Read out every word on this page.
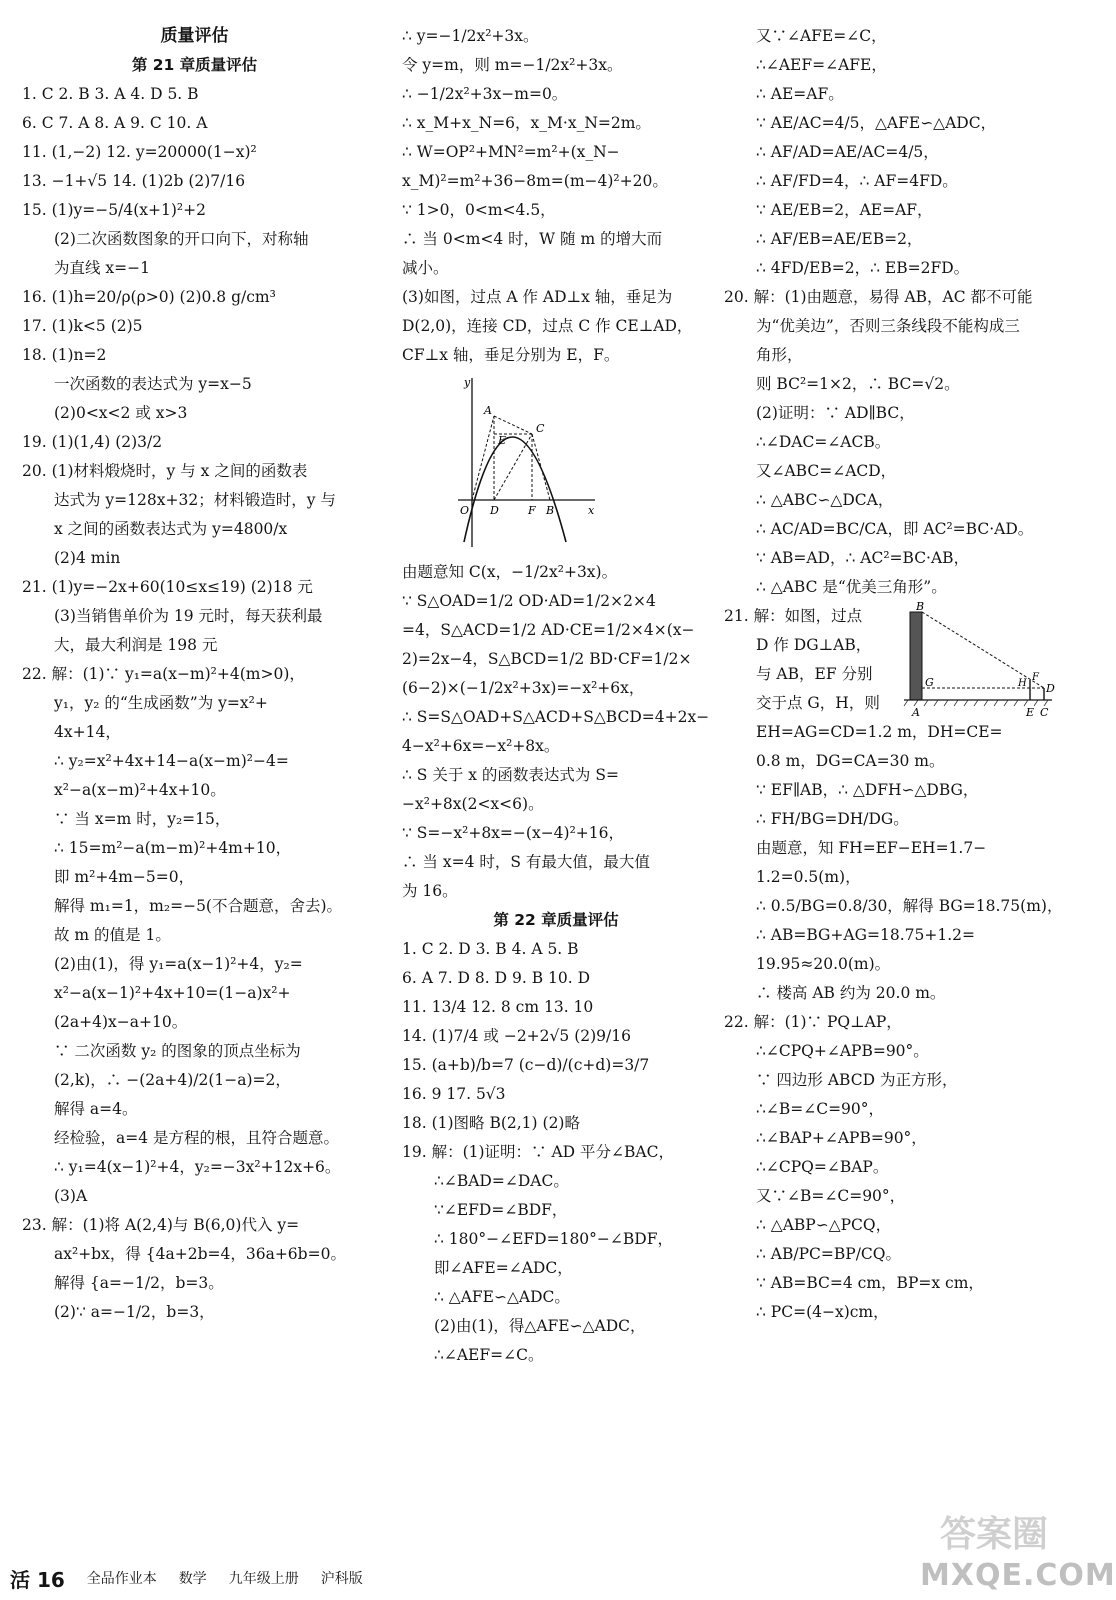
质量评估
第 21 章质量评估
1. C 2. B 3. A 4. D 5. B
6. C 7. A 8. A 9. C 10. A
11. (1,−2) 12. y=20000(1−x)²
13. −1+√5 14. (1)2b (2)7/16
15. (1)y=−5/4(x+1)²+2
(2)二次函数图象的开口向下，对称轴
为直线 x=−1
16. (1)h=20/ρ(ρ>0) (2)0.8 g/cm³
17. (1)k<5 (2)5
18. (1)n=2
一次函数的表达式为 y=x−5
(2)0<x<2 或 x>3
19. (1)(1,4) (2)3/2
20. (1)材料煅烧时，y 与 x 之间的函数表
达式为 y=128x+32；材料锻造时，y 与
x 之间的函数表达式为 y=4800/x
(2)4 min
21. (1)y=−2x+60(10≤x≤19) (2)18 元
(3)当销售单价为 19 元时，每天获利最
大，最大利润是 198 元
22. 解：(1)∵ y₁=a(x−m)²+4(m>0)，
y₁，y₂ 的“生成函数”为 y=x²+
4x+14，
∴ y₂=x²+4x+14−a(x−m)²−4=
x²−a(x−m)²+4x+10。
∵ 当 x=m 时，y₂=15，
∴ 15=m²−a(m−m)²+4m+10，
即 m²+4m−5=0，
解得 m₁=1，m₂=−5(不合题意，舍去)。
故 m 的值是 1。
(2)由(1)，得 y₁=a(x−1)²+4，y₂=
x²−a(x−1)²+4x+10=(1−a)x²+
(2a+4)x−a+10。
∵ 二次函数 y₂ 的图象的顶点坐标为
(2,k)，∴ −(2a+4)/2(1−a)=2，
解得 a=4。
经检验，a=4 是方程的根，且符合题意。
∴ y₁=4(x−1)²+4，y₂=−3x²+12x+6。
(3)A
23. 解：(1)将 A(2,4)与 B(6,0)代入 y=
ax²+bx，得 {4a+2b=4，36a+6b=0。
解得 {a=−1/2，b=3。
(2)∵ a=−1/2，b=3，
∴ y=−1/2x²+3x。
令 y=m，则 m=−1/2x²+3x。
∴ −1/2x²+3x−m=0。
∴ x_M+x_N=6，x_M·x_N=2m。
∴ W=OP²+MN²=m²+(x_N−
x_M)²=m²+36−8m=(m−4)²+20。
∵ 1>0，0<m<4.5，
∴ 当 0<m<4 时，W 随 m 的增大而
减小。
(3)如图，过点 A 作 AD⊥x 轴，垂足为
D(2,0)，连接 CD，过点 C 作 CE⊥AD，
CF⊥x 轴，垂足分别为 E，F。
y
A
C
E
O D	F B	x
由题意知 C(x，−1/2x²+3x)。
∵ S△OAD=1/2 OD·AD=1/2×2×4
=4，S△ACD=1/2 AD·CE=1/2×4×(x−
2)=2x−4，S△BCD=1/2 BD·CF=1/2×
(6−2)×(−1/2x²+3x)=−x²+6x，
∴ S=S△OAD+S△ACD+S△BCD=4+2x−
4−x²+6x=−x²+8x。
∴ S 关于 x 的函数表达式为 S=
−x²+8x(2<x<6)。
∵ S=−x²+8x=−(x−4)²+16，
∴ 当 x=4 时，S 有最大值，最大值
为 16。
第 22 章质量评估
1. C 2. D 3. B 4. A 5. B
6. A 7. D 8. D 9. B 10. D
11. 13/4 12. 8 cm 13. 10
14. (1)7/4 或 −2+2√5 (2)9/16
15. (a+b)/b=7 (c−d)/(c+d)=3/7
16. 9 17. 5√3
18. (1)图略 B(2,1) (2)略
19. 解：(1)证明：∵ AD 平分∠BAC，
∴∠BAD=∠DAC。
∵∠EFD=∠BDF，
∴ 180°−∠EFD=180°−∠BDF，
即∠AFE=∠ADC，
∴ △AFE∽△ADC。
(2)由(1)，得△AFE∽△ADC，
∴∠AEF=∠C。
又∵∠AFE=∠C，
∴∠AEF=∠AFE，
∴ AE=AF。
∵ AE/AC=4/5，△AFE∽△ADC，
∴ AF/AD=AE/AC=4/5，
∴ AF/FD=4，∴ AF=4FD。
∵ AE/EB=2，AE=AF，
∴ AF/EB=AE/EB=2，
∴ 4FD/EB=2，∴ EB=2FD。
20. 解：(1)由题意，易得 AB，AC 都不可能
为“优美边”，否则三条线段不能构成三
角形，
则 BC²=1×2，∴ BC=√2。
(2)证明：∵ AD∥BC，
∴∠DAC=∠ACB。
又∠ABC=∠ACD，
∴ △ABC∽△DCA，
∴ AC/AD=BC/CA，即 AC²=BC·AD。
∵ AB=AD，∴ AC²=BC·AB，
∴ △ABC 是“优美三角形”。
21. 解：如图，过点
D 作 DG⊥AB，
与 AB，EF 分别
交于点 G，H，则
B
G	H
F
D
A	E C
EH=AG=CD=1.2 m，DH=CE=
0.8 m，DG=CA=30 m。
∵ EF∥AB，∴ △DFH∽△DBG，
∴ FH/BG=DH/DG。
由题意，知 FH=EF−EH=1.7−
1.2=0.5(m)，
∴ 0.5/BG=0.8/30，解得 BG=18.75(m)，
∴ AB=BG+AG=18.75+1.2=
19.95≈20.0(m)。
∴ 楼高 AB 约为 20.0 m。
22. 解：(1)∵ PQ⊥AP，
∴∠CPQ+∠APB=90°。
∵ 四边形 ABCD 为正方形，
∴∠B=∠C=90°，
∴∠BAP+∠APB=90°，
∴∠CPQ=∠BAP。
又∵∠B=∠C=90°，
∴ △ABP∽△PCQ，
∴ AB/PC=BP/CQ。
∵ AB=BC=4 cm，BP=x cm，
∴ PC=(4−x)cm，
活 16 全品作业本 数学 九年级上册 沪科版
答案圈
MXQE.COM
